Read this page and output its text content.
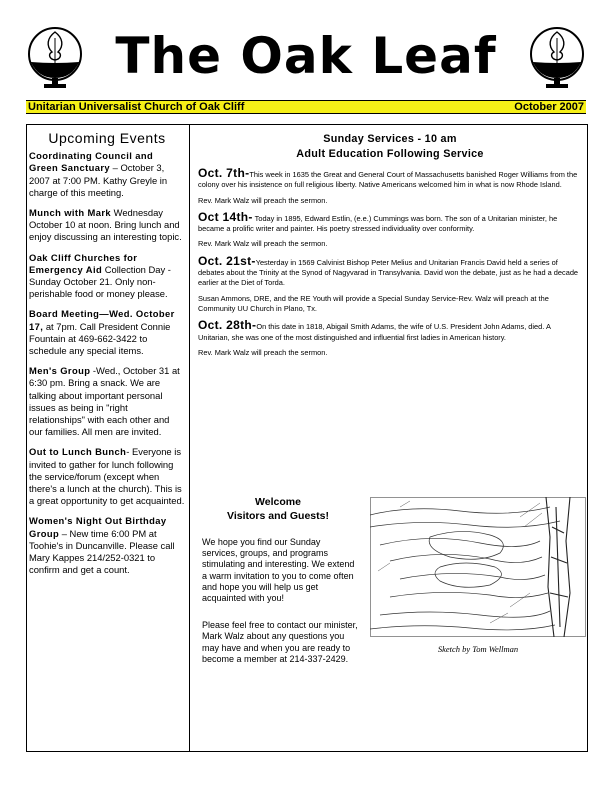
The Oak Leaf
Unitarian Universalist Church of Oak Cliff	October 2007
Upcoming Events
Coordinating Council and Green Sanctuary – October 3, 2007 at 7:00 PM. Kathy Greyle in charge of this meeting.
Munch with Mark Wednesday October 10 at noon. Bring lunch and enjoy discussing an interesting topic.
Oak Cliff Churches for Emergency Aid Collection Day -Sunday October 21. Only non-perishable food or money please.
Board Meeting—Wed. October 17, at 7pm. Call President Connie Fountain at 469-662-3422 to schedule any special items.
Men's Group -Wed., October 31 at 6:30 pm. Bring a snack. We are talking about important personal issues as being in "right relationships" with each other and our families. All men are invited.
Out to Lunch Bunch- Everyone is invited to gather for lunch following the service/forum (except when there's a lunch at the church). This is a great opportunity to get acquainted.
Women's Night Out Birthday Group – New time 6:00 PM at Toohie's in Duncanville. Please call Mary Kappes 214/252-0321 to confirm and get a count.
Sunday Services - 10 am
Adult Education Following Service
Oct. 7th-This week in 1635 the Great and General Court of Massachusetts banished Roger Williams from the colony over his insistence on full religious liberty. Native Americans welcomed him in what is now Rhode Island.
Rev. Mark Walz will preach the sermon.
Oct 14th- Today in 1895, Edward Estlin, (e.e.) Cummings was born. The son of a Unitarian minister, he became a prolific writer and painter. His poetry stressed individuality over conformity.
Rev. Mark Walz will preach the sermon.
Oct. 21st-Yesterday in 1569 Calvinist Bishop Peter Melius and Unitarian Francis David held a series of debates about the Trinity at the Synod of Nagyvarad in Transylvania. David won the debate, just as he had a decade earlier at the Diet of Torda.
Susan Ammons, DRE, and the RE Youth will provide a Special Sunday Service-Rev. Walz will preach at the Community UU Church in Plano, Tx.
Oct. 28th-On this date in 1818, Abigail Smith Adams, the wife of U.S. President John Adams, died. A Unitarian, she was one of the most distinguished and influential first ladies in American history.
Rev. Mark Walz will preach the sermon.
Welcome
Visitors and Guests!

We hope you find our Sunday services, groups, and programs stimulating and interesting. We extend a warm invitation to you to come often and hope you will help us get acquainted with you!

Please feel free to contact our minister, Mark Walz about any questions you may have and when you are ready to become a member at 214-337-2429.

Sketch by Tom Wellman
